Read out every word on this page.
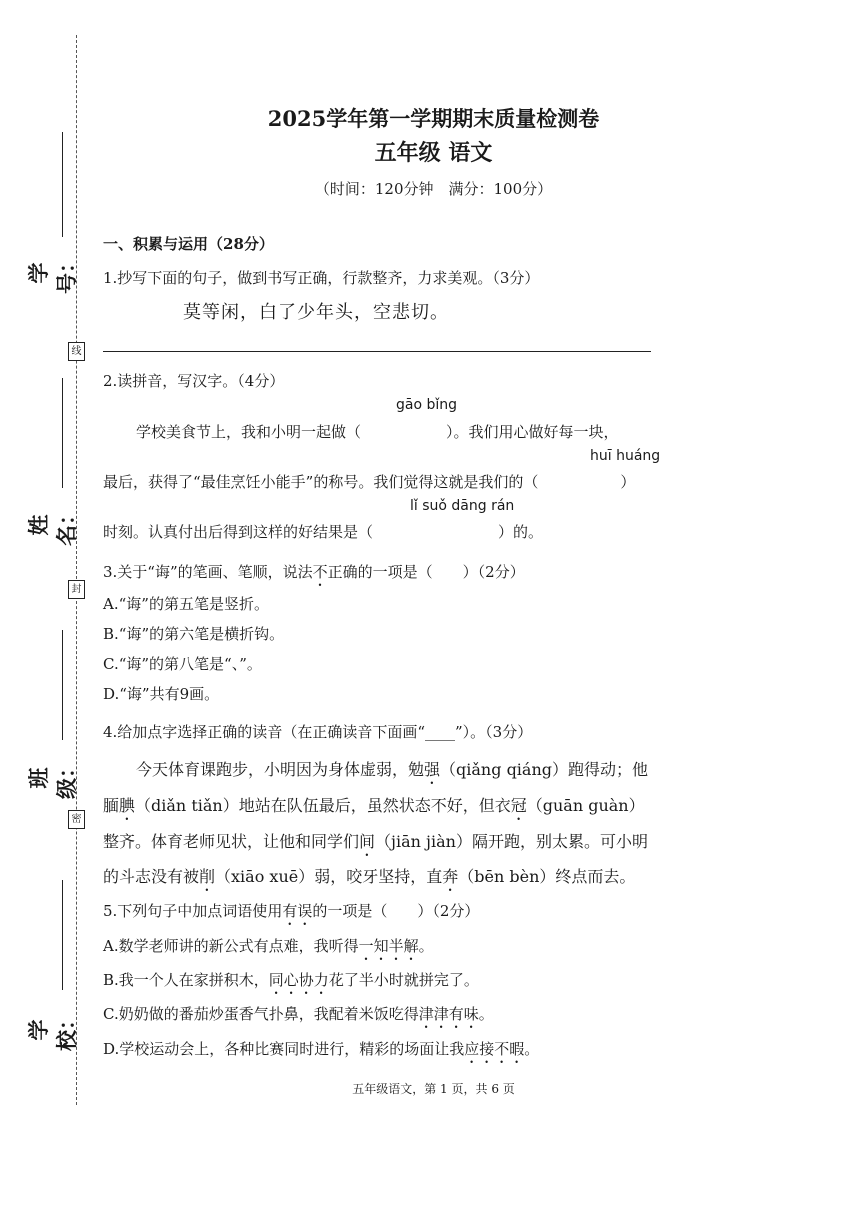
学号：
线
姓名：
封
班级：
密
学校：
2025学年第一学期期末质量检测卷
五年级 语文
（时间：120分钟　满分：100分）
一、积累与运用（28分）
1.抄写下面的句子，做到书写正确，行款整齐，力求美观。（3分）
莫等闲，白了少年头，空悲切。
2.读拼音，写汉字。（4分）
gāo bǐng
学校美食节上，我和小明一起做（	）。我们用心做好每一块，
huī huáng
最后，获得了“最佳烹饪小能手”的称号。我们觉得这就是我们的（	）
lǐ suǒ dāng rán
时刻。认真付出后得到这样的好结果是（	）的。
3.关于“诲”的笔画、笔顺，说法不正确的一项是（　　）（2分）
A.“诲”的第五笔是竖折。
B.“诲”的第六笔是横折钩。
C.“诲”的第八笔是“、”。
D.“诲”共有9画。
4.给加点字选择正确的读音（在正确读音下面画“____”）。（3分）
今天体育课跑步，小明因为身体虚弱，勉强（qiǎng qiáng）跑得动；他
腼腆（diǎn tiǎn）地站在队伍最后，虽然状态不好，但衣冠（guān guàn）
整齐。体育老师见状，让他和同学们间（jiān jiàn）隔开跑，别太累。可小明
的斗志没有被削（xiāo xuē）弱，咬牙坚持，直奔（bēn bèn）终点而去。
5.下列句子中加点词语使用有误的一项是（　　）（2分）
A.数学老师讲的新公式有点难，我听得一知半解。
B.我一个人在家拼积木，同心协力花了半小时就拼完了。
C.奶奶做的番茄炒蛋香气扑鼻，我配着米饭吃得津津有味。
D.学校运动会上，各种比赛同时进行，精彩的场面让我应接不暇。
五年级语文，第 1 页，共 6 页
